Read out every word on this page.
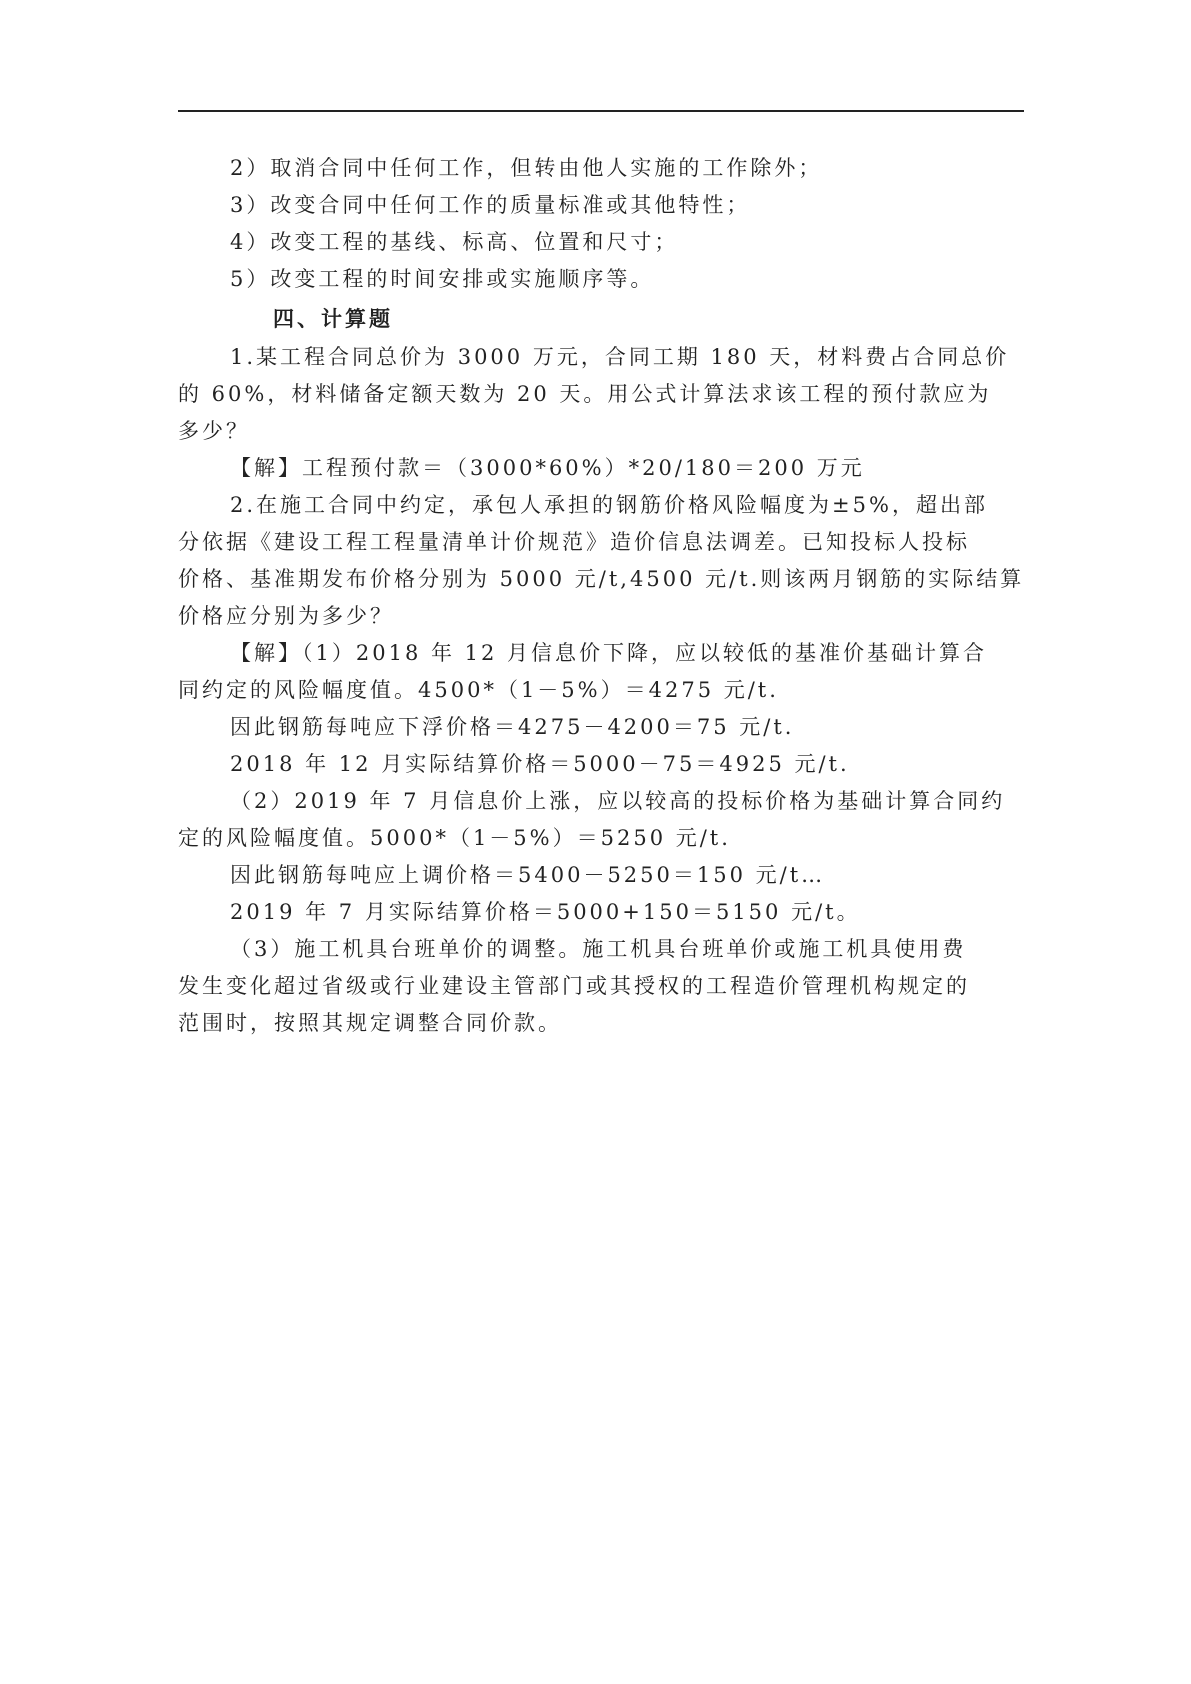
2）取消合同中任何工作，但转由他人实施的工作除外；
3）改变合同中任何工作的质量标准或其他特性；
4）改变工程的基线、标高、位置和尺寸；
5）改变工程的时间安排或实施顺序等。
四、计算题
1.某工程合同总价为 3000 万元，合同工期 180 天，材料费占合同总价
的 60%，材料储备定额天数为 20 天。用公式计算法求该工程的预付款应为
多少？
【解】工程预付款＝（3000*60%）*20/180＝200 万元
2.在施工合同中约定，承包人承担的钢筋价格风险幅度为±5%，超出部
分依据《建设工程工程量清单计价规范》造价信息法调差。已知投标人投标
价格、基准期发布价格分别为 5000 元/t,4500 元/t.则该两月钢筋的实际结算
价格应分别为多少？
【解】（1）2018 年 12 月信息价下降，应以较低的基准价基础计算合
同约定的风险幅度值。4500*（1－5%）＝4275 元/t.
因此钢筋每吨应下浮价格＝4275－4200＝75 元/t.
2018 年 12 月实际结算价格＝5000－75＝4925 元/t.
（2）2019 年 7 月信息价上涨，应以较高的投标价格为基础计算合同约
定的风险幅度值。5000*（1－5%）＝5250 元/t.
因此钢筋每吨应上调价格＝5400－5250＝150 元/t…
2019 年 7 月实际结算价格＝5000+150＝5150 元/t。
（3）施工机具台班单价的调整。施工机具台班单价或施工机具使用费
发生变化超过省级或行业建设主管部门或其授权的工程造价管理机构规定的
范围时，按照其规定调整合同价款。
